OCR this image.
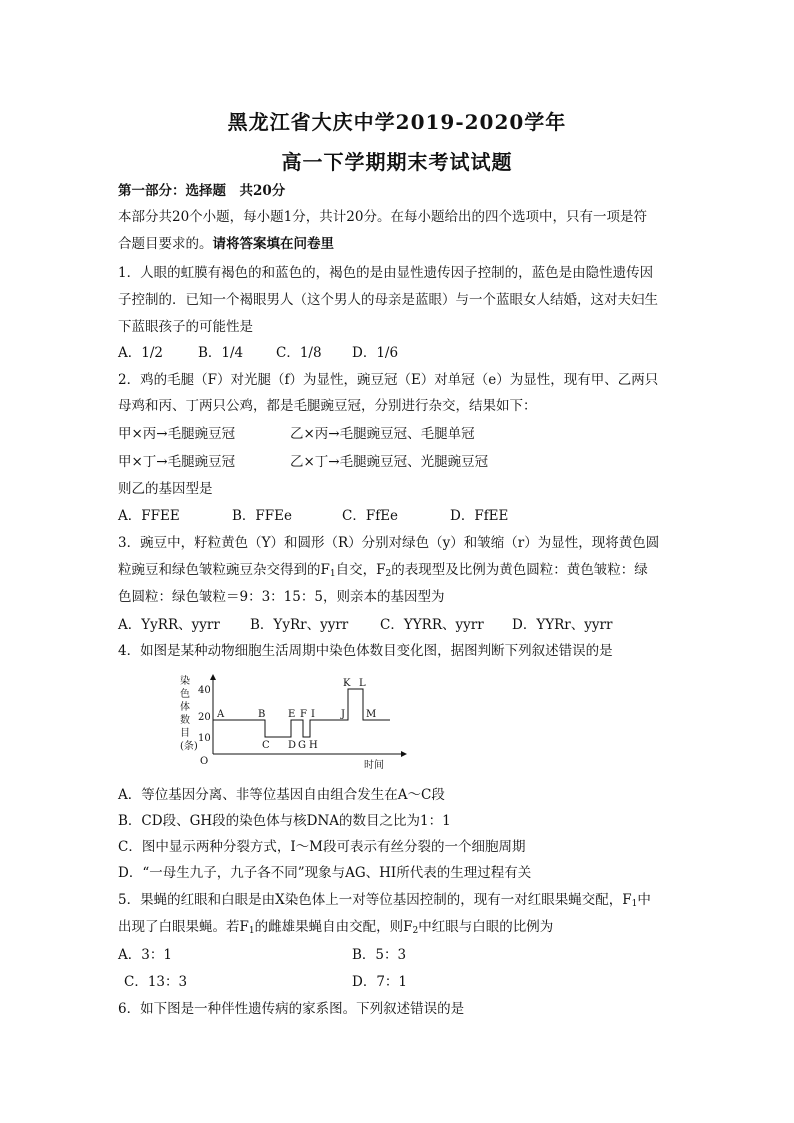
黑龙江省大庆中学2019-2020学年
高一下学期期末考试试题
第一部分：选择题　共20分
本部分共20个小题，每小题1分，共计20分。在每小题给出的四个选项中，只有一项是符
合题目要求的。请将答案填在问卷里
1．人眼的虹膜有褐色的和蓝色的，褐色的是由显性遗传因子控制的，蓝色是由隐性遗传因
子控制的．已知一个褐眼男人（这个男人的母亲是蓝眼）与一个蓝眼女人结婚，这对夫妇生
下蓝眼孩子的可能性是
A．1/2	B．1/4 C．1/8 D．1/6
2．鸡的毛腿（F）对光腿（f）为显性，豌豆冠（E）对单冠（e）为显性，现有甲、乙两只
母鸡和丙、丁两只公鸡，都是毛腿豌豆冠，分别进行杂交，结果如下：
甲×丙→毛腿豌豆冠	乙×丙→毛腿豌豆冠、毛腿单冠
甲×丁→毛腿豌豆冠	乙×丁→毛腿豌豆冠、光腿豌豆冠
则乙的基因型是
A．FFEE	B．FFEe	C．FfEe	D．FfEE
3．豌豆中，籽粒黄色（Y）和圆形（R）分别对绿色（y）和皱缩（r）为显性，现将黄色圆
粒豌豆和绿色皱粒豌豆杂交得到的$F_1$自交，$F_2$的表现型及比例为黄色圆粒：黄色皱粒：绿
色圆粒：绿色皱粒＝9：3：15：5，则亲本的基因型为
A．YyRR、yyrr B．YyRr、yyrr C．YYRR、yyrr D．YYRr、yyrr
4．如图是某种动物细胞生活周期中染色体数目变化图，据图判断下列叙述错误的是
染
色
体
数
目
(条)
40
20
10
O
A	B
C D
E F
G H
I	J
K L
M
时间
A．等位基因分离、非等位基因自由组合发生在A～C段
B．CD段、GH段的染色体与核DNA的数目之比为1：1
C．图中显示两种分裂方式，Ⅰ～M段可表示有丝分裂的一个细胞周期
D．“一母生九子，九子各不同”现象与AG、HI所代表的生理过程有关
5．果蝇的红眼和白眼是由X染色体上一对等位基因控制的，现有一对红眼果蝇交配，$F_1$中
出现了白眼果蝇。若$F_1$的雌雄果蝇自由交配，则$F_2$中红眼与白眼的比例为
A．3：1	B．5：3
C．13：3	D．7：1
6．如下图是一种伴性遗传病的家系图。下列叙述错误的是
